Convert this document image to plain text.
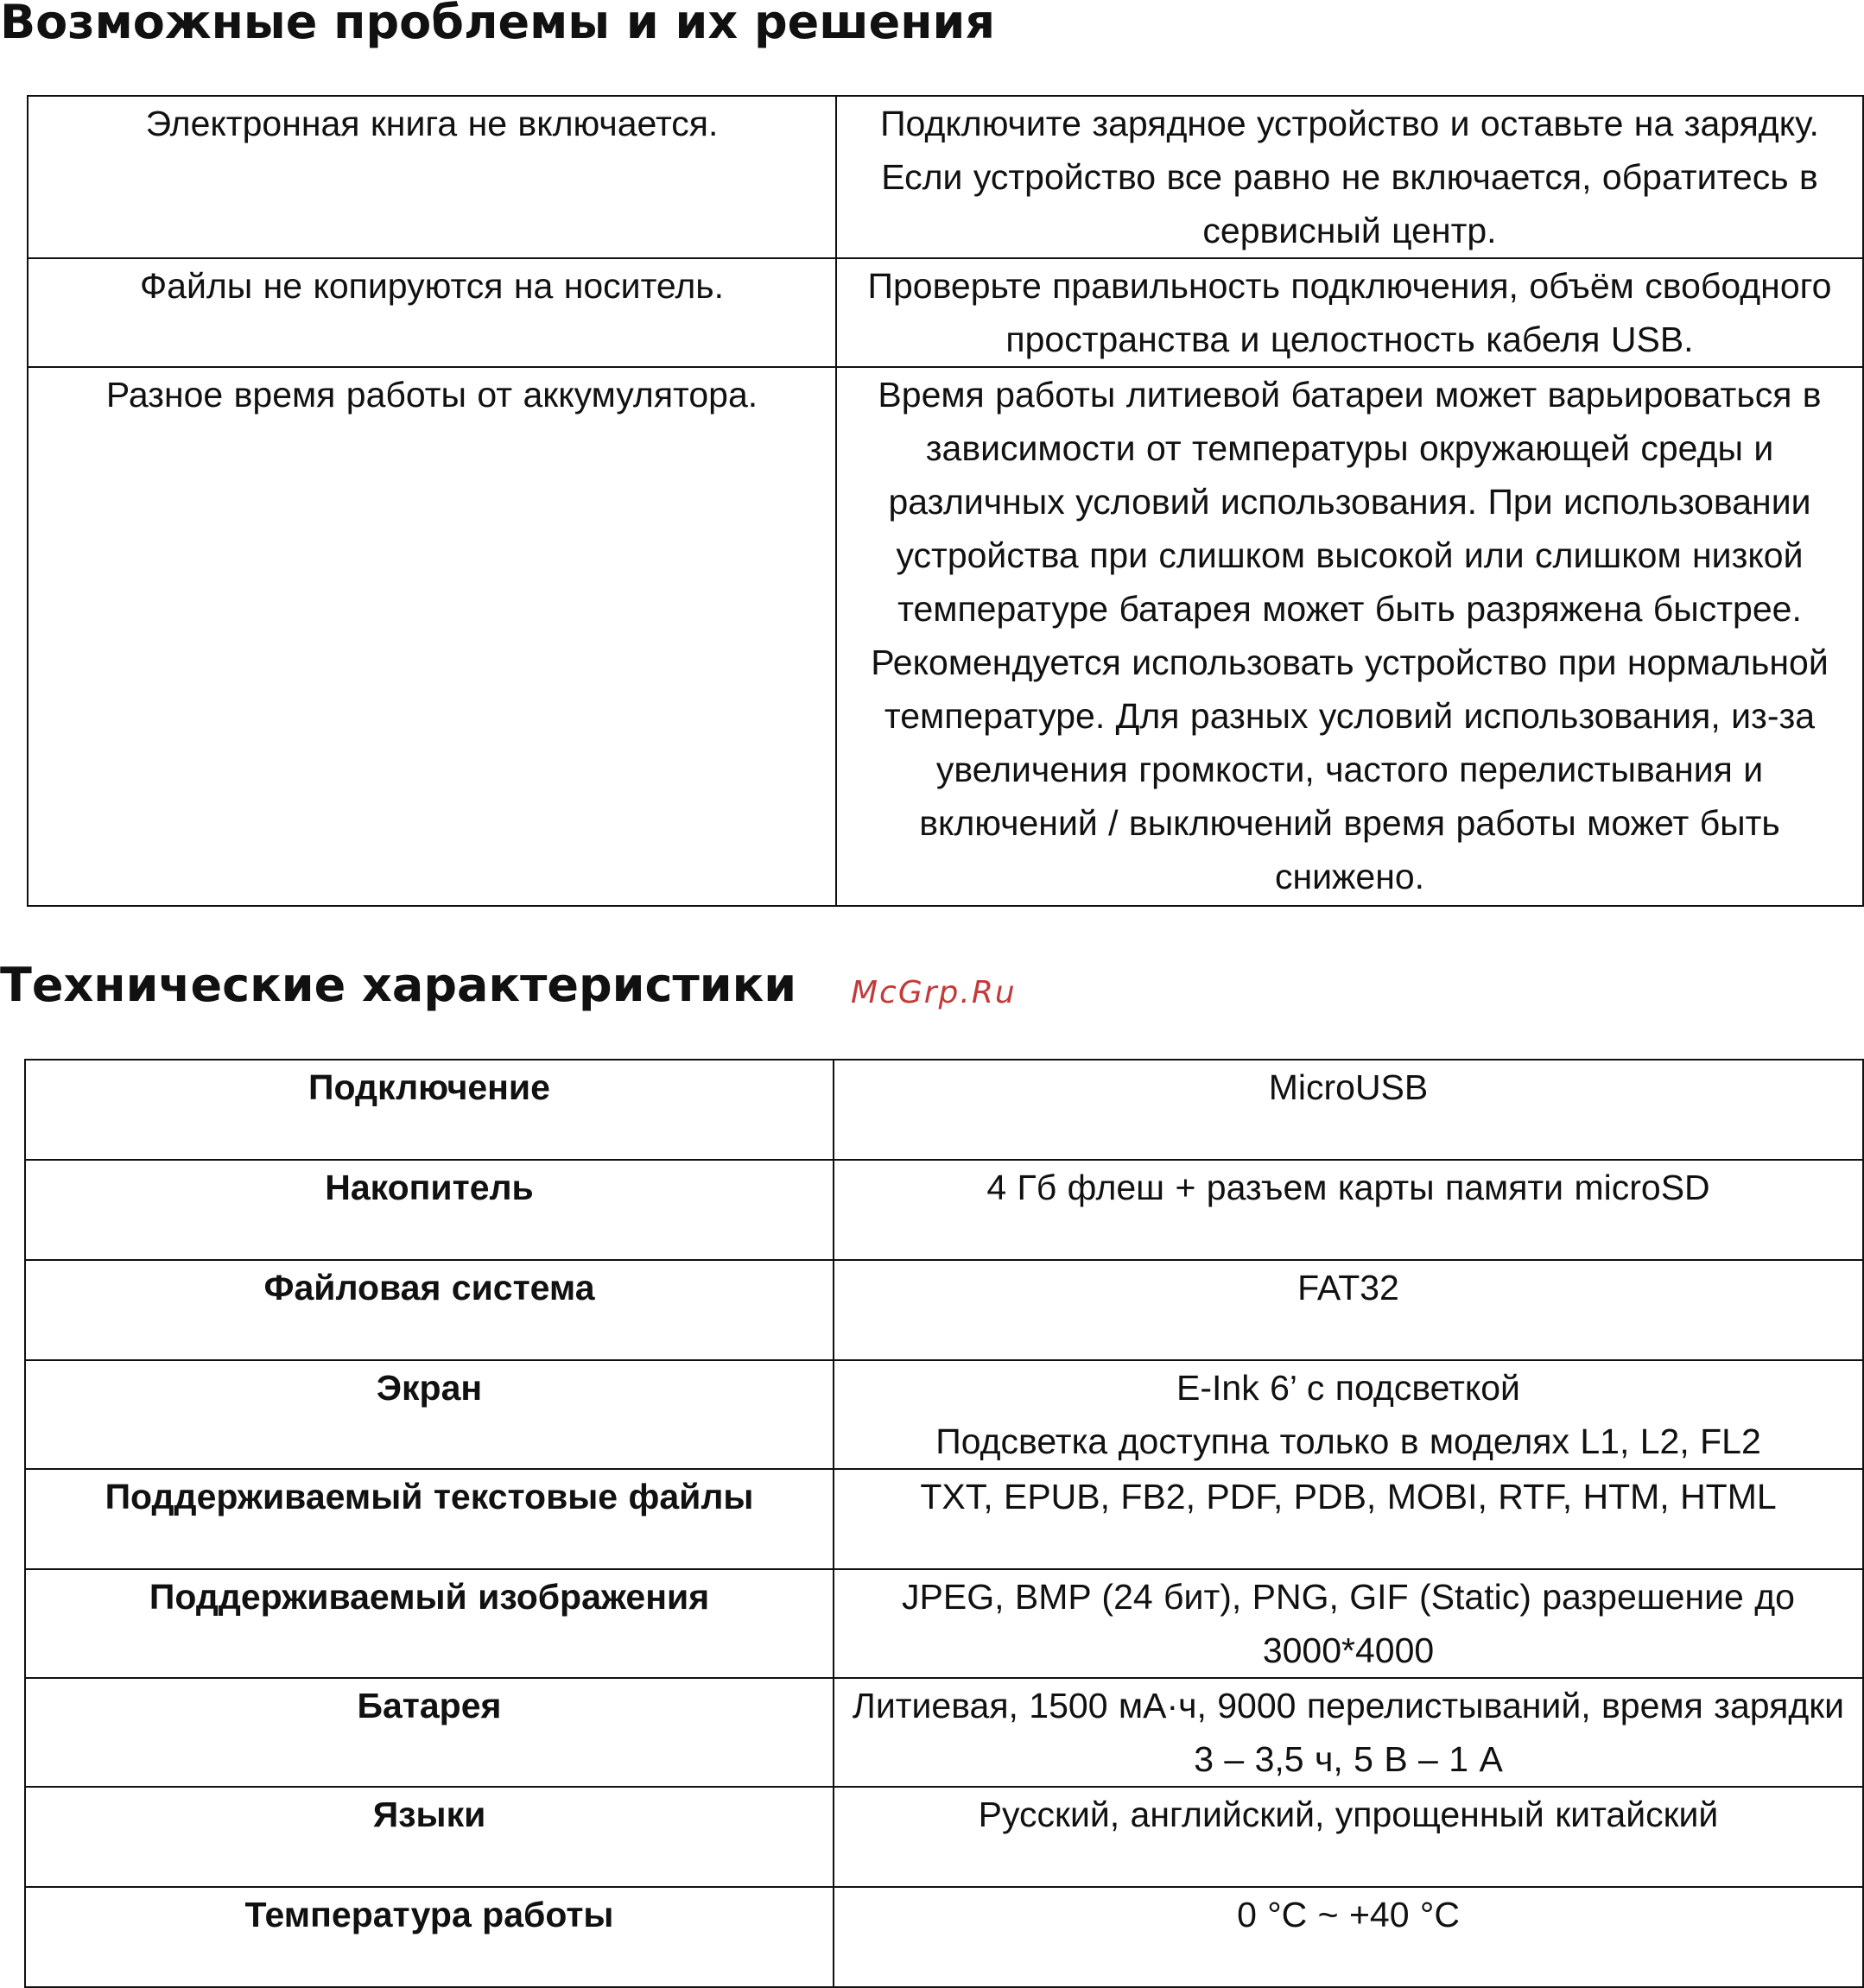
Возможные проблемы и их решения
Электронная книга не включается.	Подключите зарядное устройство и оставьте на зарядку. Если устройство все равно не включается, обратитесь в сервисный центр.

Файлы не копируются на носитель.	Проверьте правильность подключения, объём свободного пространства и целостность кабеля USB.

Разное время работы от аккумулятора.	Время работы литиевой батареи может варьироваться в зависимости от температуры окружающей среды и различных условий использования. При использовании устройства при слишком высокой или слишком низкой температуре батарея может быть разряжена быстрее. Рекомендуется использовать устройство при нормальной температуре. Для разных условий использования, из-за увеличения громкости, частого перелистывания и включений / выключений время работы может быть снижено.
Технические характеристики McGrp.Ru
Подключение	MicroUSB
Накопитель	4 Гб флеш + разъем карты памяти microSD
Файловая система	FAT32
Экран	E-Ink 6’ с подсветкой
Подсветка доступна только в моделях L1, L2, FL2

Поддерживаемый текстовые файлы	TXT, EPUB, FB2, PDF, PDB, MOBI, RTF, HTM, HTML
Поддерживаемый изображения	JPEG, BMP (24 бит), PNG, GIF (Static) разрешение до 3000*4000
Батарея	Литиевая, 1500 мА·ч, 9000 перелистываний, время зарядки 3 – 3,5 ч, 5 В – 1 А
Языки	Русский, английский, упрощенный китайский
Температура работы	0 °C ~ +40 °C
